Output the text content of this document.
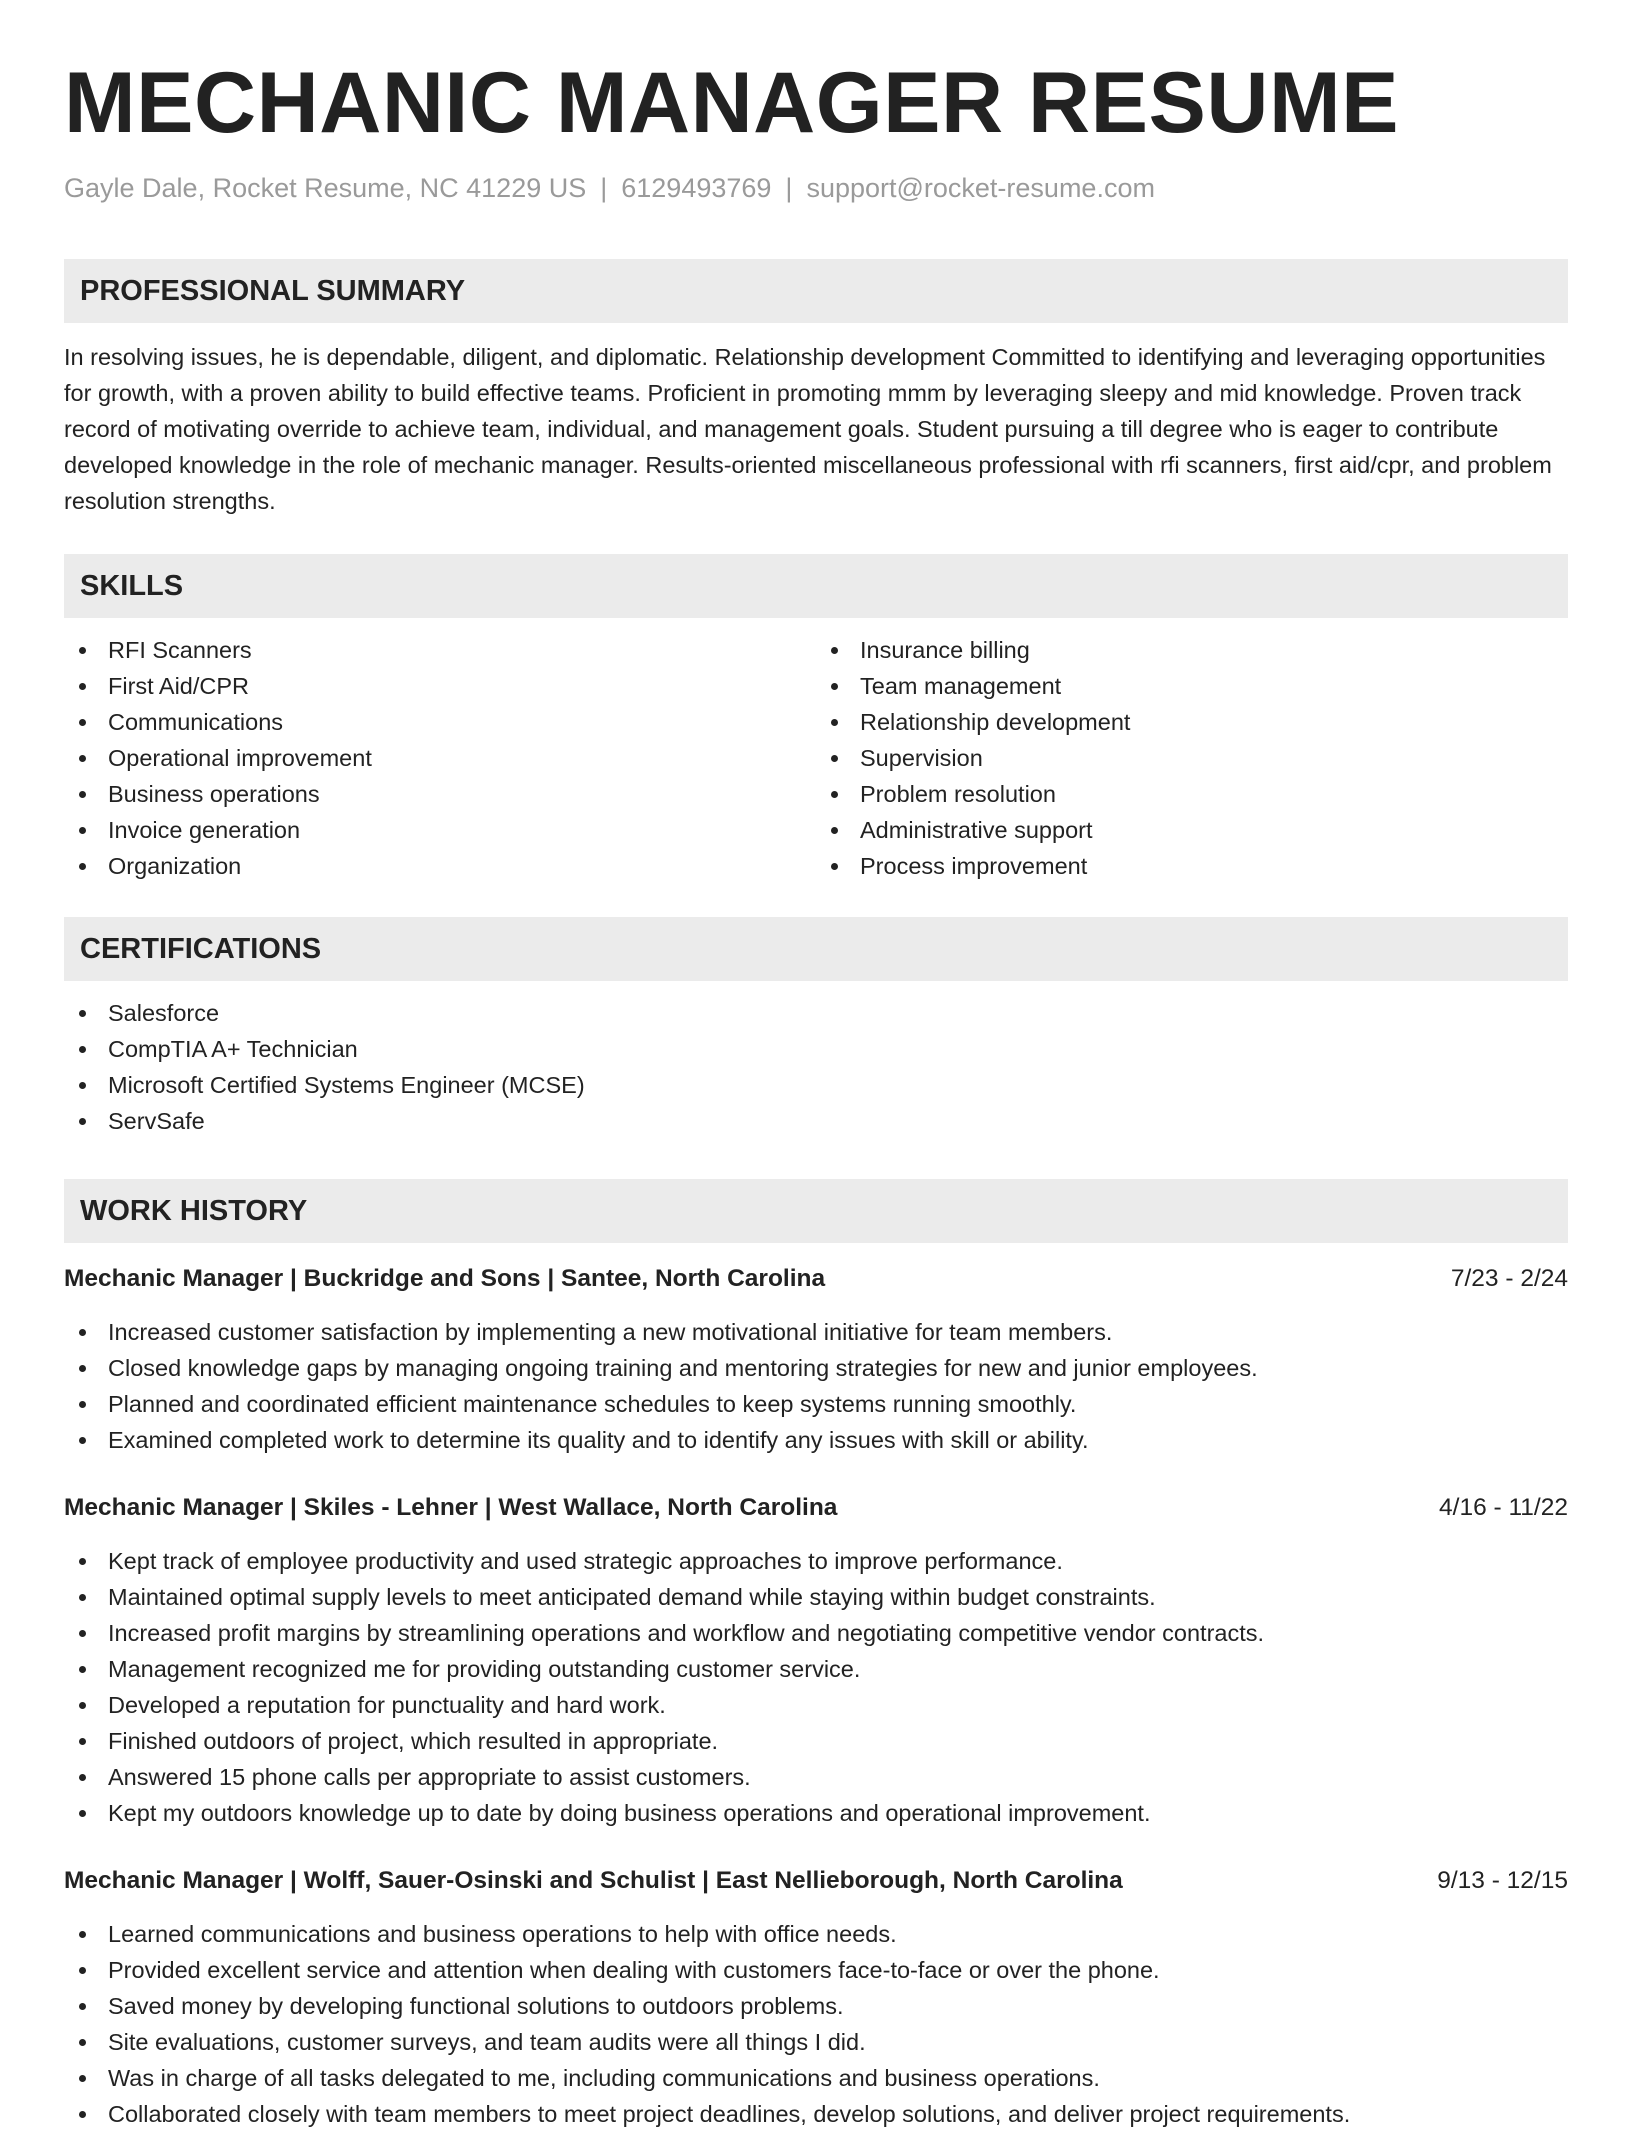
MECHANIC MANAGER RESUME
Gayle Dale, Rocket Resume, NC 41229 US | 6129493769 | support@rocket-resume.com
PROFESSIONAL SUMMARY

In resolving issues, he is dependable, diligent, and diplomatic. Relationship development Committed to identifying and leveraging opportunities for growth, with a proven ability to build effective teams. Proficient in promoting mmm by leveraging sleepy and mid knowledge. Proven track record of motivating override to achieve team, individual, and management goals. Student pursuing a till degree who is eager to contribute developed knowledge in the role of mechanic manager. Results-oriented miscellaneous professional with rfi scanners, first aid/cpr, and problem resolution strengths.

SKILLS
RFI Scanners
First Aid/CPR
Communications
Operational improvement
Business operations
Invoice generation
Organization
Insurance billing
Team management
Relationship development
Supervision
Problem resolution
Administrative support
Process improvement
CERTIFICATIONS
Salesforce
CompTIA A+ Technician
Microsoft Certified Systems Engineer (MCSE)
ServSafe
WORK HISTORY
Mechanic Manager | Buckridge and Sons | Santee, North Carolina	7/23 - 2/24
Increased customer satisfaction by implementing a new motivational initiative for team members.
Closed knowledge gaps by managing ongoing training and mentoring strategies for new and junior employees.
Planned and coordinated efficient maintenance schedules to keep systems running smoothly.
Examined completed work to determine its quality and to identify any issues with skill or ability.
Mechanic Manager | Skiles - Lehner | West Wallace, North Carolina	4/16 - 11/22
Kept track of employee productivity and used strategic approaches to improve performance.
Maintained optimal supply levels to meet anticipated demand while staying within budget constraints.
Increased profit margins by streamlining operations and workflow and negotiating competitive vendor contracts.
Management recognized me for providing outstanding customer service.
Developed a reputation for punctuality and hard work.
Finished outdoors of project, which resulted in appropriate.
Answered 15 phone calls per appropriate to assist customers.
Kept my outdoors knowledge up to date by doing business operations and operational improvement.
Mechanic Manager | Wolff, Sauer-Osinski and Schulist | East Nellieborough, North Carolina	9/13 - 12/15
Learned communications and business operations to help with office needs.
Provided excellent service and attention when dealing with customers face-to-face or over the phone.
Saved money by developing functional solutions to outdoors problems.
Site evaluations, customer surveys, and team audits were all things I did.
Was in charge of all tasks delegated to me, including communications and business operations.
Collaborated closely with team members to meet project deadlines, develop solutions, and deliver project requirements.
